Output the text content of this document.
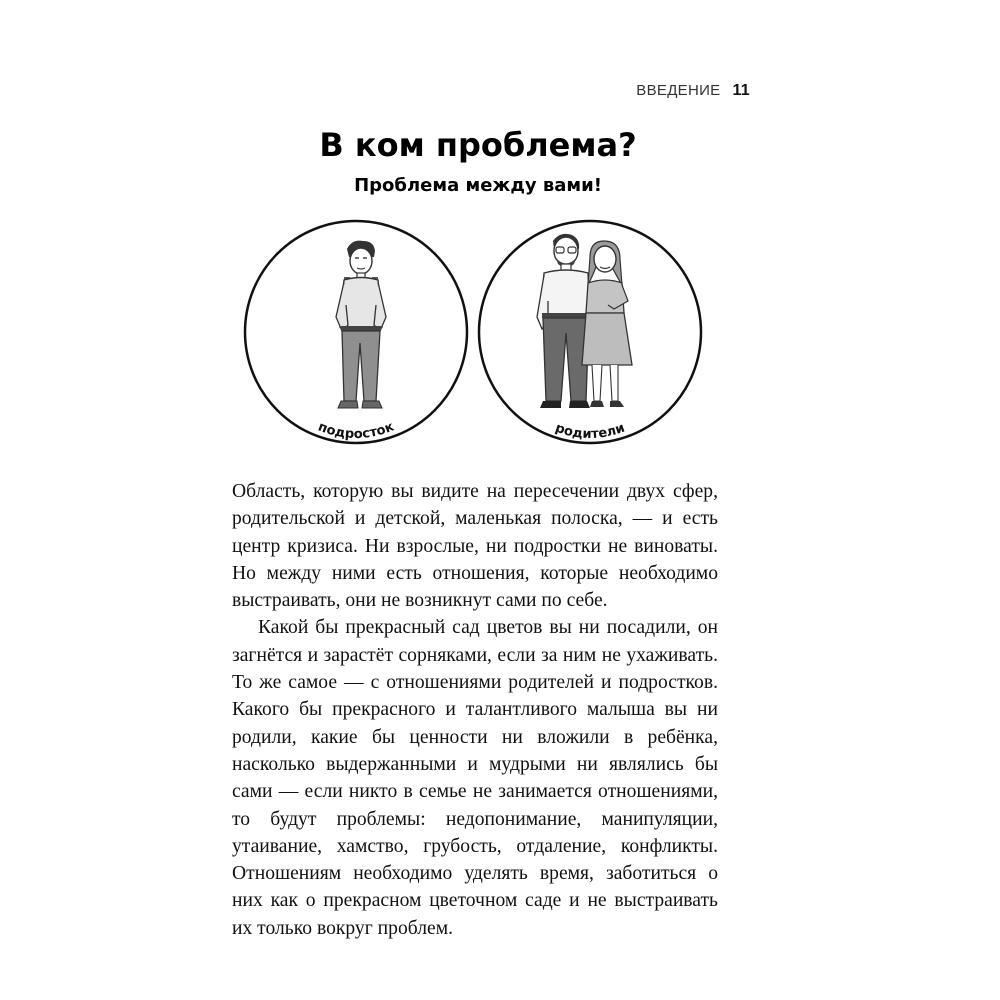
ВВЕДЕНИЕ 11
В ком проблема?
Проблема между вами!
подросток	родители

Область, которую вы видите на пересечении двух сфер, родительской и детской, маленькая полоска, — и есть центр кризиса. Ни взрослые, ни подростки не виноваты. Но между ними есть отношения, которые необходимо выстраивать, они не возникнут сами по себе.

Какой бы прекрасный сад цветов вы ни посадили, он загнётся и зарастёт сорняками, если за ним не ухаживать. То же самое — с отношениями родителей и подростков. Какого бы прекрасного и талантливого малыша вы ни родили, какие бы ценности ни вложили в ребёнка, насколько выдержанными и мудрыми ни являлись бы сами — если никто в семье не занимается отношениями, то будут проблемы: недопонимание, манипуляции, утаивание, хамство, грубость, отдаление, конфликты. Отношениям необходимо уделять время, заботиться о них как о прекрасном цветочном саде и не выстраивать их только вокруг проблем.
